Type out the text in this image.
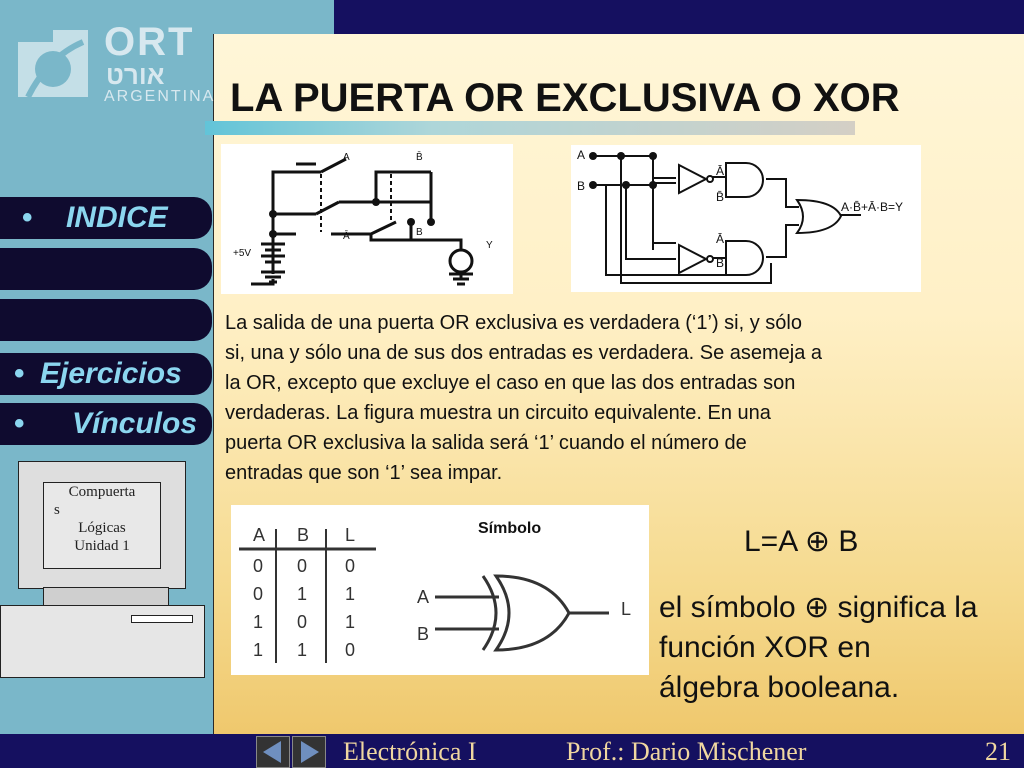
ORT
אורט
ARGENTINA
• INDICE
• Ejercicios
• Vínculos
Compuerta
s
Lógicas
Unidad 1
LA PUERTA OR EXCLUSIVA O XOR
A	B̄
Ā	B
+5V
Y
A
B
Ā
B̄
Ā
B
A·B̄+Ā·B=Y
La salida de una puerta OR exclusiva es verdadera (‘1’) si, y sólo
si, una y sólo una de sus dos entradas es verdadera. Se asemeja a
la OR, excepto que excluye el caso en que las dos entradas son
verdaderas. La figura muestra un circuito equivalente. En una
puerta OR exclusiva la salida será ‘1’ cuando el número de
entradas que son ‘1’ sea impar.
A B L
0 0 0
0 1 1
1 0 1
1 1 0
Símbolo
A
B
L
L=A ⊕ B
el símbolo ⊕ significa la
función XOR en
álgebra booleana.
Electrónica I	Prof.: Dario Mischener	21
